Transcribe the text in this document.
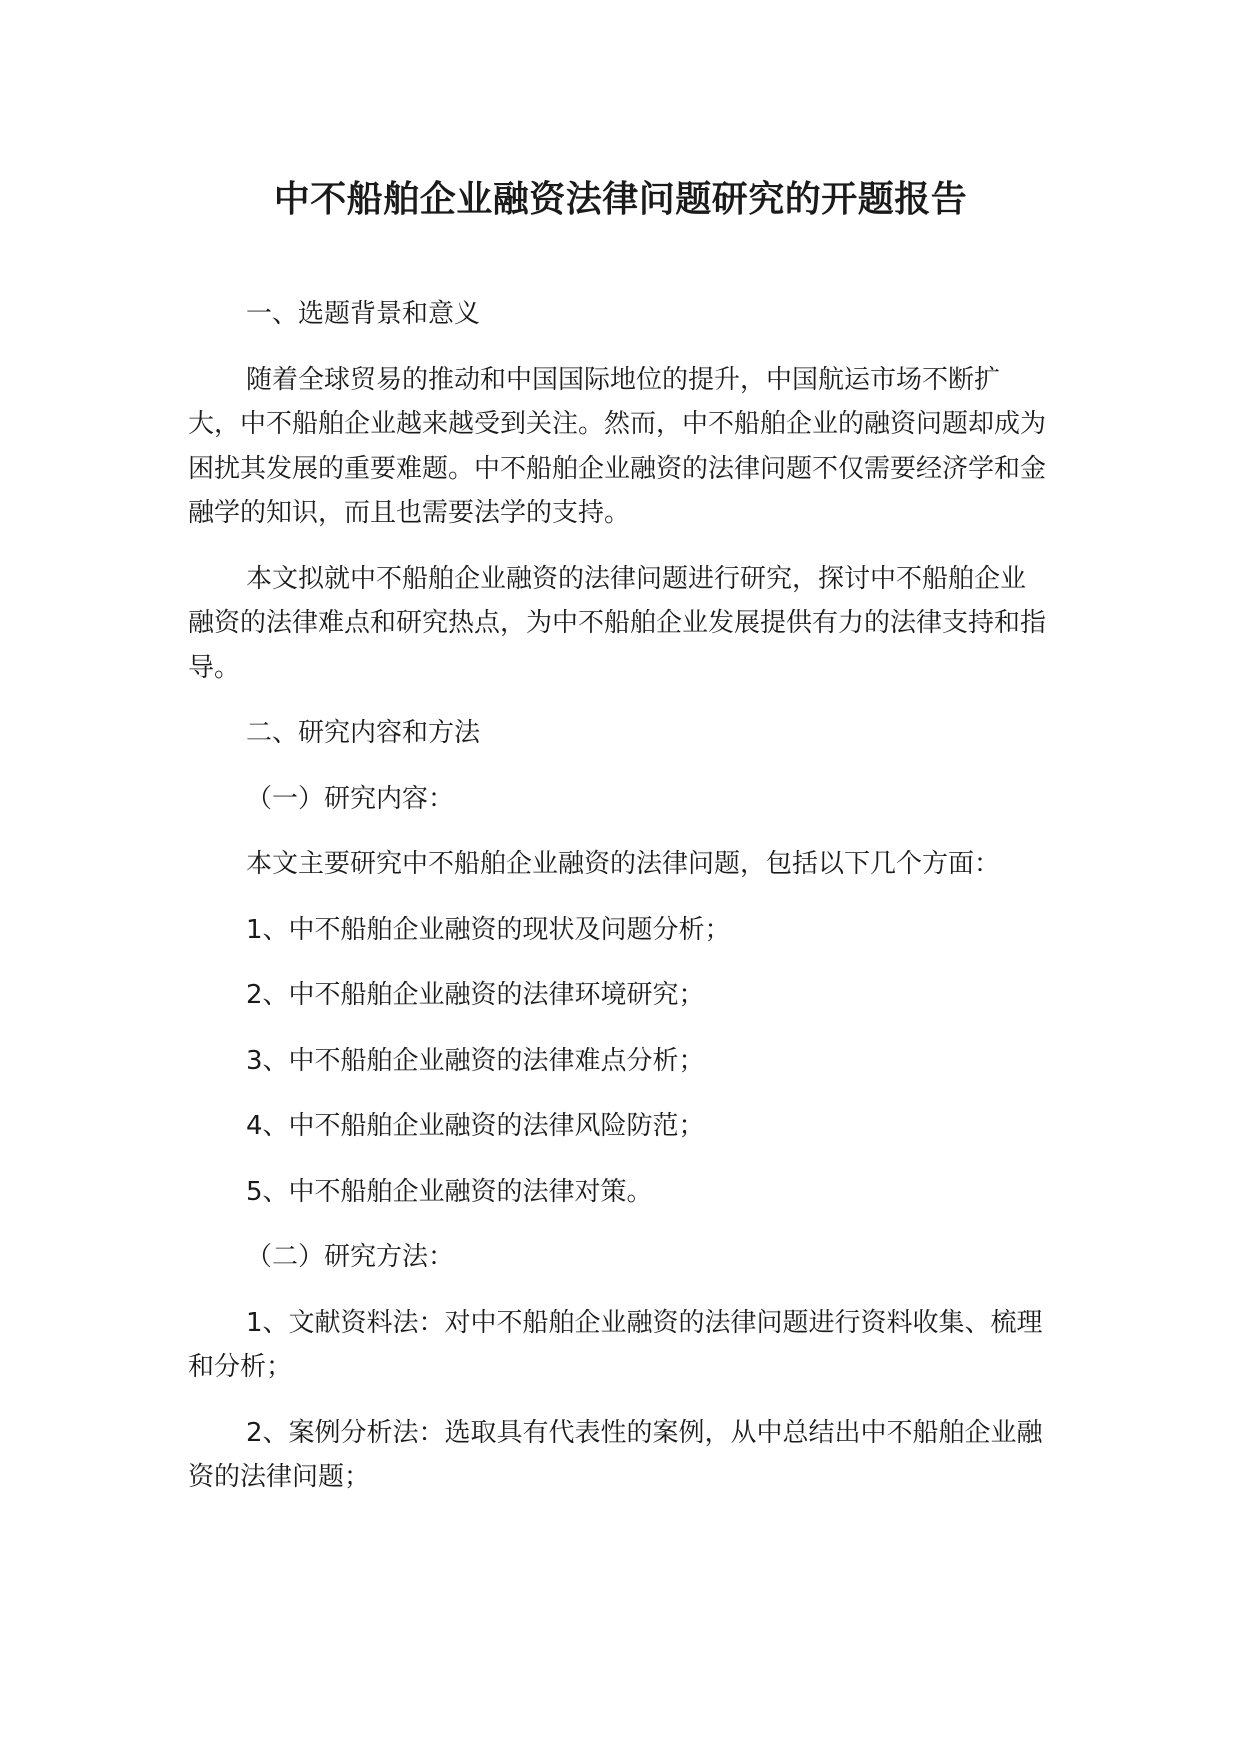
中不船舶企业融资法律问题研究的开题报告

一、选题背景和意义

随着全球贸易的推动和中国国际地位的提升，中国航运市场不断扩大，中不船舶企业越来越受到关注。然而，中不船舶企业的融资问题却成为困扰其发展的重要难题。中不船舶企业融资的法律问题不仅需要经济学和金融学的知识，而且也需要法学的支持。

本文拟就中不船舶企业融资的法律问题进行研究，探讨中不船舶企业融资的法律难点和研究热点，为中不船舶企业发展提供有力的法律支持和指导。

二、研究内容和方法

（一）研究内容：

本文主要研究中不船舶企业融资的法律问题，包括以下几个方面：

1、中不船舶企业融资的现状及问题分析；

2、中不船舶企业融资的法律环境研究；

3、中不船舶企业融资的法律难点分析；

4、中不船舶企业融资的法律风险防范；

5、中不船舶企业融资的法律对策。

（二）研究方法：

1、文献资料法：对中不船舶企业融资的法律问题进行资料收集、梳理和分析；

2、案例分析法：选取具有代表性的案例，从中总结出中不船舶企业融资的法律问题；
